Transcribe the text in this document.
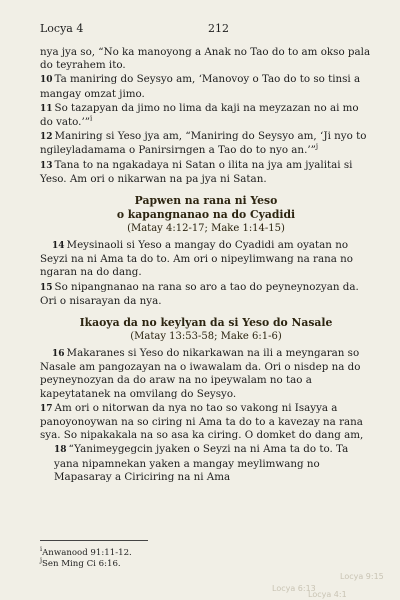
Locya 4	212

nya jya so, “No ka manoyong a Anak no Tao do to am okso pala do teyrahem ito.

10 Ta maniring do Seysyo am, ‘Manovoy o Tao do to so tinsi a mangay omzat jimo.

11 So tazapyan da jimo no lima da kaji na meyzazan no ai mo do vato.’”$^i$

12 Maniring si Yeso jya am, “Maniring do Seysyo am, ‘Ji nyo to ngileyladamama o Panirsirngen a Tao do to nyo an.’”$^j$

13 Tana to na ngakadaya ni Satan o ilita na jya am jyalitai si Yeso. Am ori o nikarwan na pa jya ni Satan.

Papwen na rana ni Yeso
o kapangnanao na do Cyadidi
(Matay 4:12-17; Make 1:14-15)

14 Meysinaoli si Yeso a mangay do Cyadidi am oyatan no Seyzi na ni Ama ta do to. Am ori o nipeylimwang na rana no ngaran na do dang.

15 So nipangnanao na rana so aro a tao do peyneynozyan da. Ori o nisarayan da nya.

Ikaoya da no keylyan da si Yeso do Nasale
(Matay 13:53-58; Make 6:1-6)

16 Makaranes si Yeso do nikarkawan na ili a meyngaran so Nasale am pangozayan na o iwawalam da. Ori o nisdep na do peyneynozyan da do araw na no ipeywalam no tao a kapeytatanek na omvilang do Seysyo.

17 Am ori o nitorwan da nya no tao so vakong ni Isayya a panoyonoywan na so ciring ni Ama ta do to a kavezay na rana sya. So nipakakala na so asa ka ciring. O domket do dang am,

18 “Yanimeygegcin jyaken o Seyzi na ni Ama ta do to. Ta yana nipamnekan yaken a mangay meylimwang no Mapasaray a Ciriciring na ni Ama

Locya 6:13
Locya 4:1
Locya 9:15
$^i$Anwanood 91:11-12.
$^j$Sen Ming Ci 6:16.
